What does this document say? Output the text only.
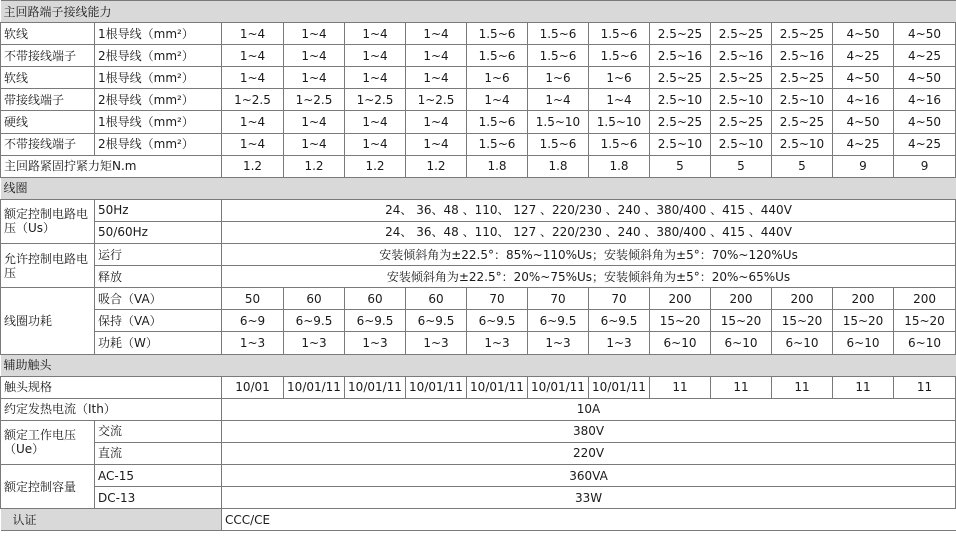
主回路端子接线能力													
软线	1根导线（mm²）	1~4	1~4	1~4	1~4	1.5~6	1.5~6	1.5~6	2.5~25	2.5~25	2.5~25	4~50	4~50
不带接线端子	2根导线（mm²）	1~4	1~4	1~4	1~4	1.5~6	1.5~6	1.5~6	2.5~16	2.5~16	2.5~16	4~25	4~25
软线	1根导线（mm²）	1~4	1~4	1~4	1~4	1~6	1~6	1~6	2.5~25	2.5~25	2.5~25	4~50	4~50
带接线端子	2根导线（mm²）	1~2.5	1~2.5	1~2.5	1~2.5	1~4	1~4	1~4	2.5~10	2.5~10	2.5~10	4~16	4~16
硬线	1根导线（mm²）	1~4	1~4	1~4	1~4	1.5~6	1.5~10	1.5~10	2.5~25	2.5~25	2.5~25	4~50	4~50
不带接线端子	2根导线（mm²）	1~4	1~4	1~4	1~4	1.5~6	1.5~6	1.5~6	2.5~10	2.5~10	2.5~10	4~25	4~25
主回路紧固拧紧力矩N.m		1.2	1.2	1.2	1.2	1.8	1.8	1.8	5	5	5	9	9
线圈													
额定控制电路电压（Us）	50Hz	24、 36、48 、110、 127 、220/230 、240 、380/400 、415 、440V											
	50/60Hz	24、 36、48 、110、 127 、220/230 、240 、380/400 、415 、440V											
允许控制电路电压	运行	安装倾斜角为±22.5°：85%~110%Us；安装倾斜角为±5°：70%~120%Us											
	释放	安装倾斜角为±22.5°：20%~75%Us；安装倾斜角为±5°：20%~65%Us											
线圈功耗	吸合（VA）	50	60	60	60	70	70	70	200	200	200	200	200
	保持（VA）	6~9	6~9.5	6~9.5	6~9.5	6~9.5	6~9.5	6~9.5	15~20	15~20	15~20	15~20	15~20
	功耗（W）	1~3	1~3	1~3	1~3	1~3	1~3	1~3	6~10	6~10	6~10	6~10	6~10
辅助触头													
触头规格		10/01	10/01/11	10/01/11	10/01/11	10/01/11	10/01/11	10/01/11	11	11	11	11	11
约定发热电流（Ith）		10A											
额定工作电压（Ue）	交流	380V											
	直流	220V											
额定控制容量	AC-15	360VA											
	DC-13	33W											
认证		CCC/CE											
